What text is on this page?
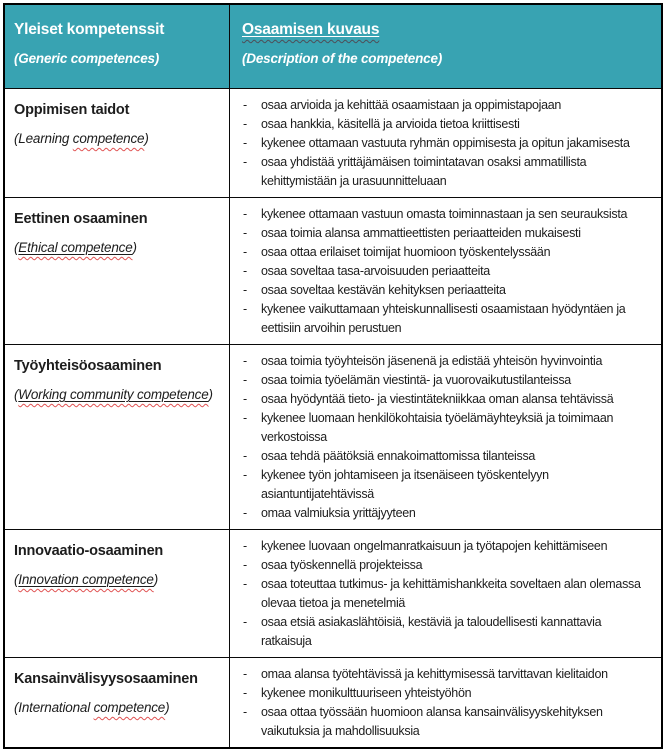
Yleiset kompetenssit
(Generic competences)
Osaamisen kuvaus
(Description of the competence)
Oppimisen taidot
(Learning competence)
-	osaa arvioida ja kehittää osaamistaan ja oppimistapojaan
-	osaa hankkia, käsitellä ja arvioida tietoa kriittisesti
-	kykenee ottamaan vastuuta ryhmän oppimisesta ja opitun jakamisesta
-	osaa yhdistää yrittäjämäisen toimintatavan osaksi ammatillista kehittymistään ja urasuunnitteluaan
Eettinen osaaminen
(Ethical competence)
-	kykenee ottamaan vastuun omasta toiminnastaan ja sen seurauksista
-	osaa toimia alansa ammattieettisten periaatteiden mukaisesti
-	osaa ottaa erilaiset toimijat huomioon työskentelyssään
-	osaa soveltaa tasa-arvoisuuden periaatteita
-	osaa soveltaa kestävän kehityksen periaatteita
-	kykenee vaikuttamaan yhteiskunnallisesti osaamistaan hyödyntäen ja eettisiin arvoihin perustuen
Työyhteisöosaaminen
(Working community competence)
-	osaa toimia työyhteisön jäsenenä ja edistää yhteisön hyvinvointia
-	osaa toimia työelämän viestintä- ja vuorovaikutustilanteissa
-	osaa hyödyntää tieto- ja viestintätekniikkaa oman alansa tehtävissä
-	kykenee luomaan henkilökohtaisia työelämäyhteyksiä ja toimimaan verkostoissa
-	osaa tehdä päätöksiä ennakoimattomissa tilanteissa
-	kykenee työn johtamiseen ja itsenäiseen työskentelyyn asiantuntijatehtävissä
-	omaa valmiuksia yrittäjyyteen
Innovaatio-osaaminen
(Innovation competence)
-	kykenee luovaan ongelmanratkaisuun ja työtapojen kehittämiseen
-	osaa työskennellä projekteissa
-	osaa toteuttaa tutkimus- ja kehittämishankkeita soveltaen alan olemassa olevaa tietoa ja menetelmiä
-	osaa etsiä asiakaslähtöisiä, kestäviä ja taloudellisesti kannattavia ratkaisuja
Kansainvälisyysosaaminen
(International competence)
-	omaa alansa työtehtävissä ja kehittymisessä tarvittavan kielitaidon
-	kykenee monikulttuuriseen yhteistyöhön
-	osaa ottaa työssään huomioon alansa kansainvälisyyskehityksen vaikutuksia ja mahdollisuuksia
